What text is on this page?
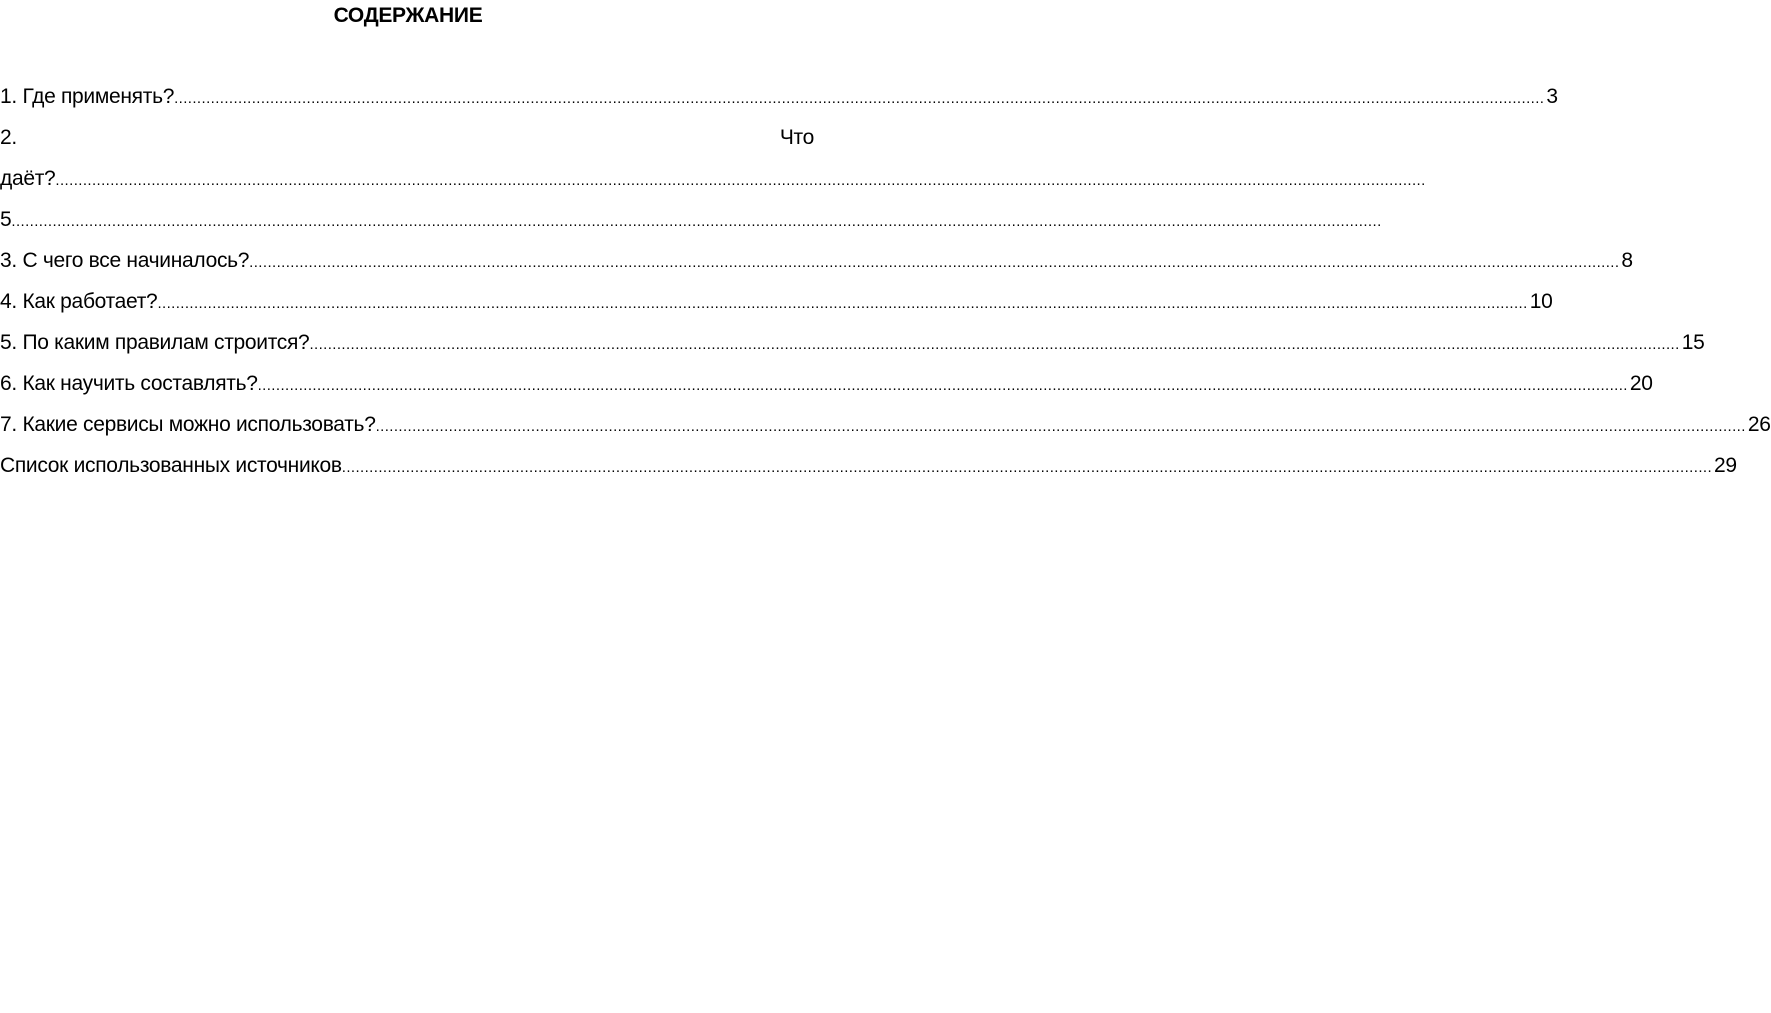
СОДЕРЖАНИЕ
1. Где применять? ............................................................................................................................................................................................................................................................................................................ 3
2.	Что
даёт? ............................................................................................................................................................................................................................................................................................................
5 ............................................................................................................................................................................................................................................................................................................
3. С чего все начиналось? ............................................................................................................................................................................................................................................................................................................ 8
4. Как работает? ............................................................................................................................................................................................................................................................................................................ 10
5. По каким правилам строится? ............................................................................................................................................................................................................................................................................................................ 15
6. Как научить составлять? ............................................................................................................................................................................................................................................................................................................ 20
7. Какие сервисы можно использовать? ............................................................................................................................................................................................................................................................................................................ 26
Список использованных источников ............................................................................................................................................................................................................................................................................................................ 29
